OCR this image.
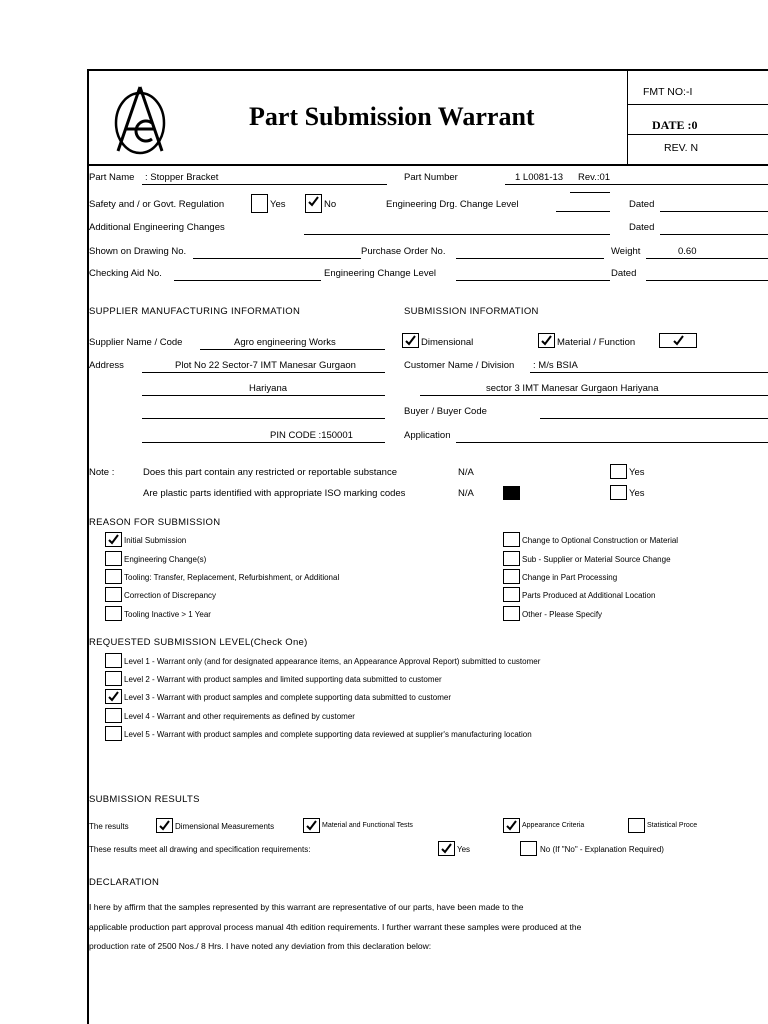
Part Submission Warrant
FMT NO:-I
DATE :0
REV. N
Part Name : Stopper Bracket	Part Number	1 L0081-13 Rev.:01
Safety and / or Govt. Regulation	Yes	No	Engineering Drg. Change Level	Dated
Additional Engineering Changes	Dated
Shown on Drawing No.	Purchase Order No.	Weight	0.60
Checking Aid No.	Engineering Change Level	Dated
SUPPLIER MANUFACTURING INFORMATION	SUBMISSION INFORMATION
Supplier Name / Code	Agro engineering Works	Dimensional	Material / Function
Address	Plot No 22 Sector-7 IMT Manesar Gurgaon
Hariyana
PIN CODE :150001
Customer Name / Division : M/s BSIA
sector 3 IMT Manesar Gurgaon Hariyana
Buyer / Buyer Code
Application
Note :	Does this part contain any restricted or reportable substance	N/A	Yes
Are plastic parts identified with appropriate ISO marking codes	N/A	Yes
REASON FOR SUBMISSION
Initial Submission
Engineering Change(s)
Tooling: Transfer, Replacement, Refurbishment, or Additional
Correction of Discrepancy
Tooling Inactive > 1 Year
Change to Optional Construction or Material
Sub - Supplier or Material Source Change
Change in Part Processing
Parts Produced at Additional Location
Other - Please Specify
REQUESTED SUBMISSION LEVEL(Check One)
Level 1 - Warrant only (and for designated appearance items, an Appearance Approval Report) submitted to customer
Level 2 - Warrant with product samples and limited supporting data submitted to customer
Level 3 - Warrant with product samples and complete supporting data submitted to customer
Level 4 - Warrant and other requirements as defined by customer
Level 5 - Warrant with product samples and complete supporting data reviewed at supplier's manufacturing location
SUBMISSION RESULTS
The results	Dimensional Measurements	Material and Functional Tests	Appearance Criteria	Statistical Proce
These results meet all drawing and specification requirements:	Yes	No (If "No" - Explanation Required)
DECLARATION
I here by affirm that the samples represented by this warrant are representative of our parts, have been made to the
applicable production part approval process manual 4th edition requirements. I further warrant these samples were produced at the
production rate of 2500 Nos./ 8 Hrs. I have noted any deviation from this declaration below:
